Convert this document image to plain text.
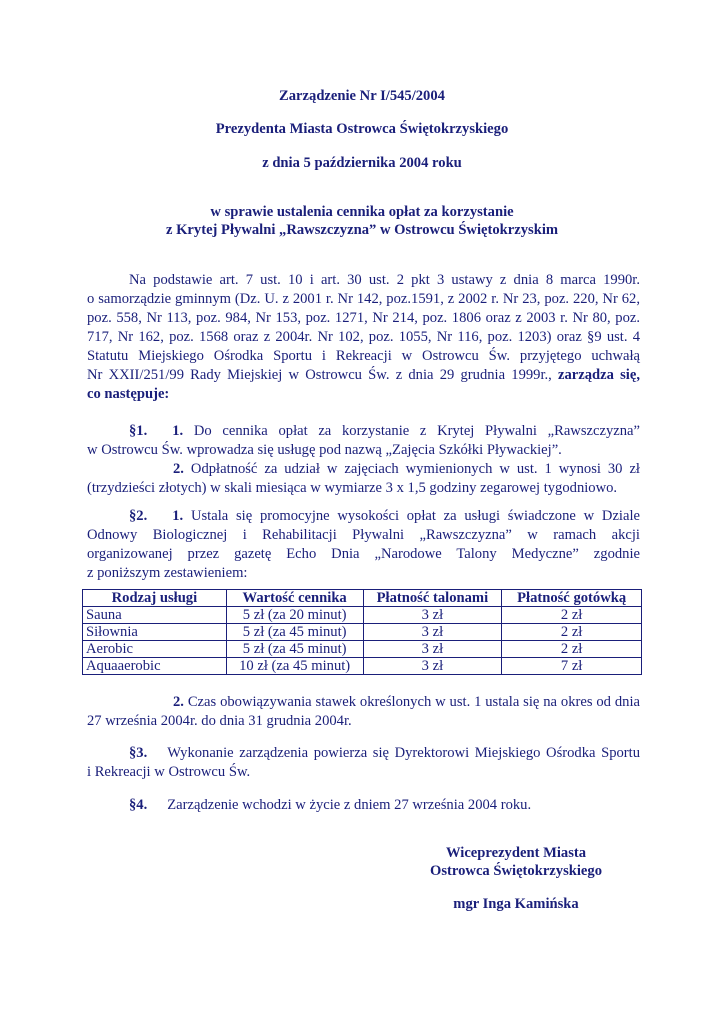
Zarządzenie Nr I/545/2004
Prezydenta Miasta Ostrowca Świętokrzyskiego
z dnia 5 października 2004 roku
w sprawie ustalenia cennika opłat za korzystanie
z Krytej Pływalni „Rawszczyzna” w Ostrowcu Świętokrzyskim
Na podstawie art. 7 ust. 10 i art. 30 ust. 2 pkt 3 ustawy z dnia 8 marca 1990r.
o samorządzie gminnym (Dz. U. z 2001 r. Nr 142, poz.1591, z 2002 r. Nr 23, poz. 220, Nr 62,
poz. 558, Nr 113, poz. 984, Nr 153, poz. 1271, Nr 214, poz. 1806 oraz z 2003 r. Nr 80, poz.
717, Nr 162, poz. 1568 oraz z 2004r. Nr 102, poz. 1055, Nr 116, poz. 1203) oraz §9 ust. 4
Statutu Miejskiego Ośrodka Sportu i Rekreacji w Ostrowcu Św. przyjętego uchwałą
Nr XXII/251/99 Rady Miejskiej w Ostrowcu Św. z dnia 29 grudnia 1999r., zarządza się,
co następuje:
§1. 1. Do cennika opłat za korzystanie z Krytej Pływalni „Rawszczyzna”
w Ostrowcu Św. wprowadza się usługę pod nazwą „Zajęcia Szkółki Pływackiej”.
2. Odpłatność za udział w zajęciach wymienionych w ust. 1 wynosi 30 zł
(trzydzieści złotych) w skali miesiąca w wymiarze 3 x 1,5 godziny zegarowej tygodniowo.
§2. 1. Ustala się promocyjne wysokości opłat za usługi świadczone w Dziale
Odnowy Biologicznej i Rehabilitacji Pływalni „Rawszczyzna” w ramach akcji
organizowanej przez gazetę Echo Dnia „Narodowe Talony Medyczne” zgodnie
z poniższym zestawieniem:
Rodzaj usługi	Wartość cennika	Płatność talonami	Płatność gotówką
Sauna	5 zł (za 20 minut)	3 zł	2 zł
Siłownia	5 zł (za 45 minut)	3 zł	2 zł
Aerobic	5 zł (za 45 minut)	3 zł	2 zł
Aquaaerobic	10 zł (za 45 minut)	3 zł	7 zł
2. Czas obowiązywania stawek określonych w ust. 1 ustala się na okres od dnia
27 września 2004r. do dnia 31 grudnia 2004r.
§3. Wykonanie zarządzenia powierza się Dyrektorowi Miejskiego Ośrodka Sportu
i Rekreacji w Ostrowcu Św.
§4. Zarządzenie wchodzi w życie z dniem 27 września 2004 roku.
Wiceprezydent Miasta
Ostrowca Świętokrzyskiego
mgr Inga Kamińska
